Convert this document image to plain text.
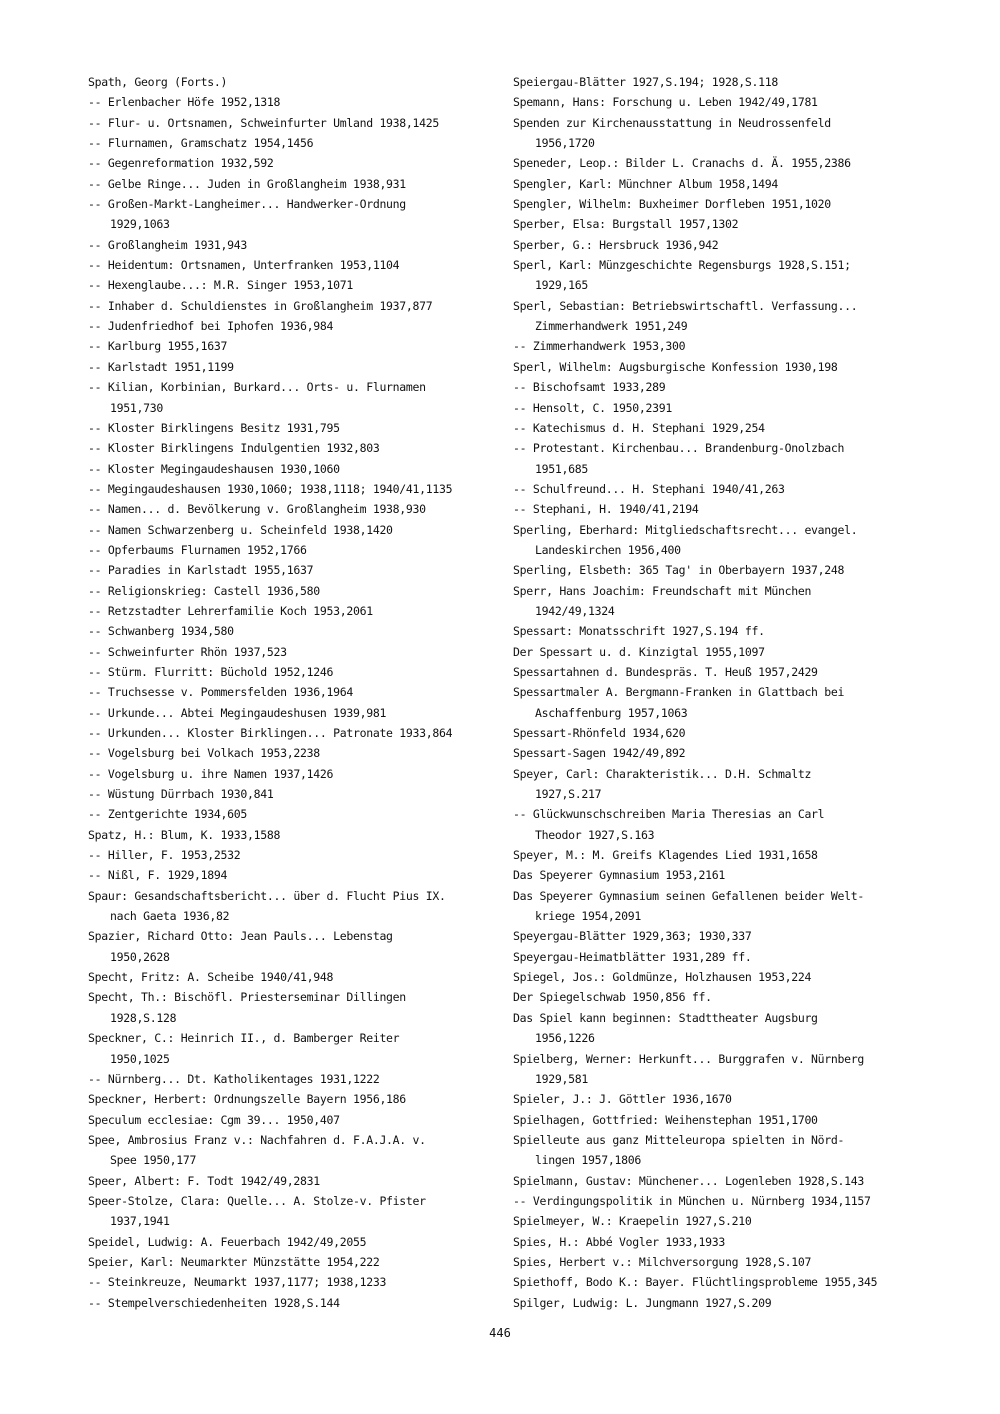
Spath, Georg (Forts.)
-- Erlenbacher Höfe 1952,1318
-- Flur- u. Ortsnamen, Schweinfurter Umland 1938,1425
-- Flurnamen, Gramschatz 1954,1456
-- Gegenreformation 1932,592
-- Gelbe Ringe... Juden in Großlangheim 1938,931
-- Großen-Markt-Langheimer... Handwerker-Ordnung
1929,1063
-- Großlangheim 1931,943
-- Heidentum: Ortsnamen, Unterfranken 1953,1104
-- Hexenglaube...: M.R. Singer 1953,1071
-- Inhaber d. Schuldienstes in Großlangheim 1937,877
-- Judenfriedhof bei Iphofen 1936,984
-- Karlburg 1955,1637
-- Karlstadt 1951,1199
-- Kilian, Korbinian, Burkard... Orts- u. Flurnamen
1951,730
-- Kloster Birklingens Besitz 1931,795
-- Kloster Birklingens Indulgentien 1932,803
-- Kloster Megingaudeshausen 1930,1060
-- Megingaudeshausen 1930,1060; 1938,1118; 1940/41,1135
-- Namen... d. Bevölkerung v. Großlangheim 1938,930
-- Namen Schwarzenberg u. Scheinfeld 1938,1420
-- Opferbaums Flurnamen 1952,1766
-- Paradies in Karlstadt 1955,1637
-- Religionskrieg: Castell 1936,580
-- Retzstadter Lehrerfamilie Koch 1953,2061
-- Schwanberg 1934,580
-- Schweinfurter Rhön 1937,523
-- Stürm. Flurritt: Büchold 1952,1246
-- Truchsesse v. Pommersfelden 1936,1964
-- Urkunde... Abtei Megingaudeshusen 1939,981
-- Urkunden... Kloster Birklingen... Patronate 1933,864
-- Vogelsburg bei Volkach 1953,2238
-- Vogelsburg u. ihre Namen 1937,1426
-- Wüstung Dürrbach 1930,841
-- Zentgerichte 1934,605
Spatz, H.: Blum, K. 1933,1588
-- Hiller, F. 1953,2532
-- Nißl, F. 1929,1894
Spaur: Gesandschaftsbericht... über d. Flucht Pius IX.
nach Gaeta 1936,82
Spazier, Richard Otto: Jean Pauls... Lebenstag
1950,2628
Specht, Fritz: A. Scheibe 1940/41,948
Specht, Th.: Bischöfl. Priesterseminar Dillingen
1928,S.128
Speckner, C.: Heinrich II., d. Bamberger Reiter
1950,1025
-- Nürnberg... Dt. Katholikentages 1931,1222
Speckner, Herbert: Ordnungszelle Bayern 1956,186
Speculum ecclesiae: Cgm 39... 1950,407
Spee, Ambrosius Franz v.: Nachfahren d. F.A.J.A. v.
Spee 1950,177
Speer, Albert: F. Todt 1942/49,2831
Speer-Stolze, Clara: Quelle... A. Stolze-v. Pfister
1937,1941
Speidel, Ludwig: A. Feuerbach 1942/49,2055
Speier, Karl: Neumarkter Münzstätte 1954,222
-- Steinkreuze, Neumarkt 1937,1177; 1938,1233
-- Stempelverschiedenheiten 1928,S.144
Speiergau-Blätter 1927,S.194; 1928,S.118
Spemann, Hans: Forschung u. Leben 1942/49,1781
Spenden zur Kirchenausstattung in Neudrossenfeld
1956,1720
Speneder, Leop.: Bilder L. Cranachs d. Ä. 1955,2386
Spengler, Karl: Münchner Album 1958,1494
Spengler, Wilhelm: Buxheimer Dorfleben 1951,1020
Sperber, Elsa: Burgstall 1957,1302
Sperber, G.: Hersbruck 1936,942
Sperl, Karl: Münzgeschichte Regensburgs 1928,S.151;
1929,165
Sperl, Sebastian: Betriebswirtschaftl. Verfassung...
Zimmerhandwerk 1951,249
-- Zimmerhandwerk 1953,300
Sperl, Wilhelm: Augsburgische Konfession 1930,198
-- Bischofsamt 1933,289
-- Hensolt, C. 1950,2391
-- Katechismus d. H. Stephani 1929,254
-- Protestant. Kirchenbau... Brandenburg-Onolzbach
1951,685
-- Schulfreund... H. Stephani 1940/41,263
-- Stephani, H. 1940/41,2194
Sperling, Eberhard: Mitgliedschaftsrecht... evangel.
Landeskirchen 1956,400
Sperling, Elsbeth: 365 Tag' in Oberbayern 1937,248
Sperr, Hans Joachim: Freundschaft mit München
1942/49,1324
Spessart: Monatsschrift 1927,S.194 ff.
Der Spessart u. d. Kinzigtal 1955,1097
Spessartahnen d. Bundespräs. T. Heuß 1957,2429
Spessartmaler A. Bergmann-Franken in Glattbach bei
Aschaffenburg 1957,1063
Spessart-Rhönfeld 1934,620
Spessart-Sagen 1942/49,892
Speyer, Carl: Charakteristik... D.H. Schmaltz
1927,S.217
-- Glückwunschschreiben Maria Theresias an Carl
Theodor 1927,S.163
Speyer, M.: M. Greifs Klagendes Lied 1931,1658
Das Speyerer Gymnasium 1953,2161
Das Speyerer Gymnasium seinen Gefallenen beider Welt-
kriege 1954,2091
Speyergau-Blätter 1929,363; 1930,337
Speyergau-Heimatblätter 1931,289 ff.
Spiegel, Jos.: Goldmünze, Holzhausen 1953,224
Der Spiegelschwab 1950,856 ff.
Das Spiel kann beginnen: Stadttheater Augsburg
1956,1226
Spielberg, Werner: Herkunft... Burggrafen v. Nürnberg
1929,581
Spieler, J.: J. Göttler 1936,1670
Spielhagen, Gottfried: Weihenstephan 1951,1700
Spielleute aus ganz Mitteleuropa spielten in Nörd-
lingen 1957,1806
Spielmann, Gustav: Münchener... Logenleben 1928,S.143
-- Verdingungspolitik in München u. Nürnberg 1934,1157
Spielmeyer, W.: Kraepelin 1927,S.210
Spies, H.: Abbé Vogler 1933,1933
Spies, Herbert v.: Milchversorgung 1928,S.107
Spiethoff, Bodo K.: Bayer. Flüchtlingsprobleme 1955,345
Spilger, Ludwig: L. Jungmann 1927,S.209
446
